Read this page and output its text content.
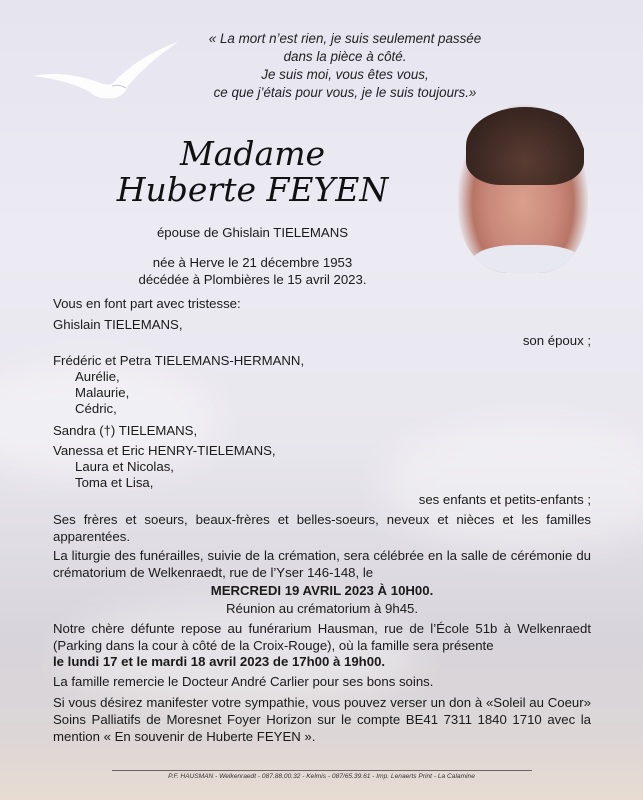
« La mort n’est rien, je suis seulement passée
dans la pièce à côté.
Je suis moi, vous êtes vous,
ce que j’étais pour vous, je le suis toujours.»
Madame
Huberte FEYEN
épouse de Ghislain TIELEMANS
née à Herve le 21 décembre 1953
décédée à Plombières le 15 avril 2023.
Vous en font part avec tristesse:
Ghislain TIELEMANS,
son époux ;
Frédéric et Petra TIELEMANS-HERMANN,
Aurélie,
Malaurie,
Cédric,
Sandra (†) TIELEMANS,
Vanessa et Eric HENRY-TIELEMANS,
Laura et Nicolas,
Toma et Lisa,
ses enfants et petits-enfants ;
Ses frères et soeurs, beaux-frères et belles-soeurs, neveux et nièces et les familles apparentées.
La liturgie des funérailles, suivie de la crémation, sera célébrée en la salle de cérémonie du crématorium de Welkenraedt, rue de l’Yser 146-148, le
MERCREDI 19 AVRIL 2023 À 10H00.
Réunion au crématorium à 9h45.
Notre chère défunte repose au funérarium Hausman, rue de l’École 51b à Welkenraedt (Parking dans la cour à côté de la Croix-Rouge), où la famille sera présente
le lundi 17 et le mardi 18 avril 2023 de 17h00 à 19h00.
La famille remercie le Docteur André Carlier pour ses bons soins.
Si vous désirez manifester votre sympathie, vous pouvez verser un don à «Soleil au Coeur» Soins Palliatifs de Moresnet Foyer Horizon sur le compte BE41 7311 1840 1710 avec la mention « En souvenir de Huberte FEYEN ».
P.F. HAUSMAN - Welkenraedt - 087.88.00.32 - Kelmis - 087/65.39.61 - Imp. Lenaerts Print - La Calamine
